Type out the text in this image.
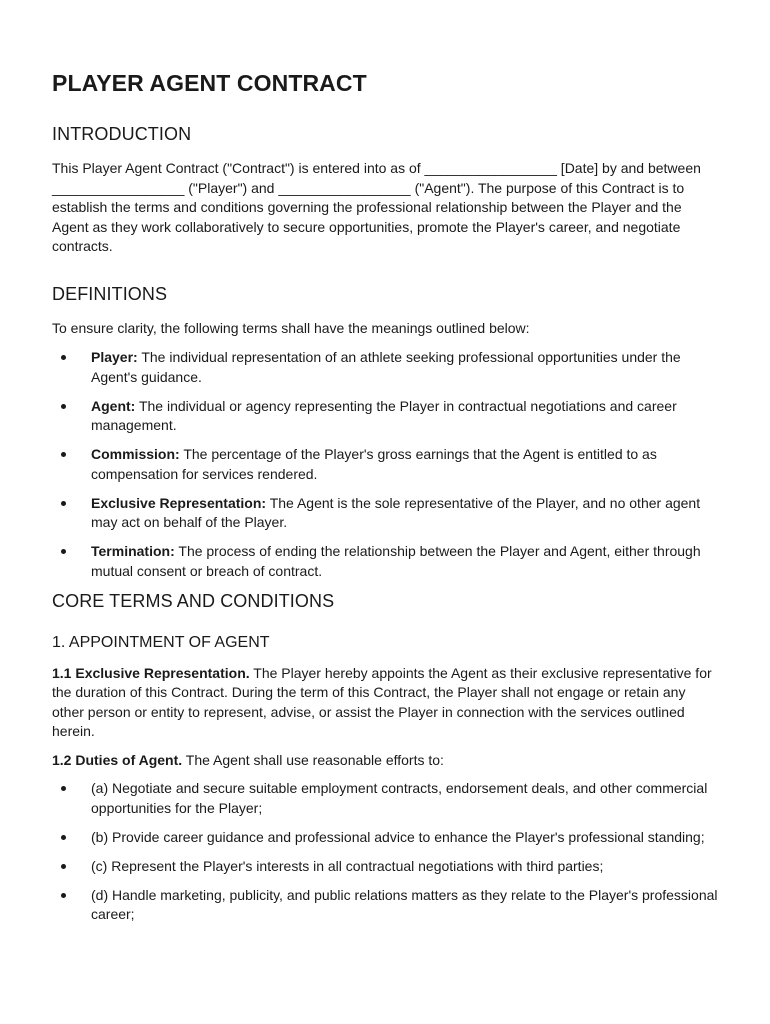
PLAYER AGENT CONTRACT
INTRODUCTION

This Player Agent Contract ("Contract") is entered into as of _________________ [Date] by and between _________________ ("Player") and _________________ ("Agent"). The purpose of this Contract is to establish the terms and conditions governing the professional relationship between the Player and the Agent as they work collaboratively to secure opportunities, promote the Player's career, and negotiate contracts.

DEFINITIONS

To ensure clarity, the following terms shall have the meanings outlined below:

Player: The individual representation of an athlete seeking professional opportunities under the Agent's guidance.
Agent: The individual or agency representing the Player in contractual negotiations and career management.
Commission: The percentage of the Player's gross earnings that the Agent is entitled to as compensation for services rendered.
Exclusive Representation: The Agent is the sole representative of the Player, and no other agent may act on behalf of the Player.
Termination: The process of ending the relationship between the Player and Agent, either through mutual consent or breach of contract.
CORE TERMS AND CONDITIONS
1. APPOINTMENT OF AGENT

1.1 Exclusive Representation. The Player hereby appoints the Agent as their exclusive representative for the duration of this Contract. During the term of this Contract, the Player shall not engage or retain any other person or entity to represent, advise, or assist the Player in connection with the services outlined herein.

1.2 Duties of Agent. The Agent shall use reasonable efforts to:

(a) Negotiate and secure suitable employment contracts, endorsement deals, and other commercial opportunities for the Player;
(b) Provide career guidance and professional advice to enhance the Player's professional standing;
(c) Represent the Player's interests in all contractual negotiations with third parties;
(d) Handle marketing, publicity, and public relations matters as they relate to the Player's professional career;
